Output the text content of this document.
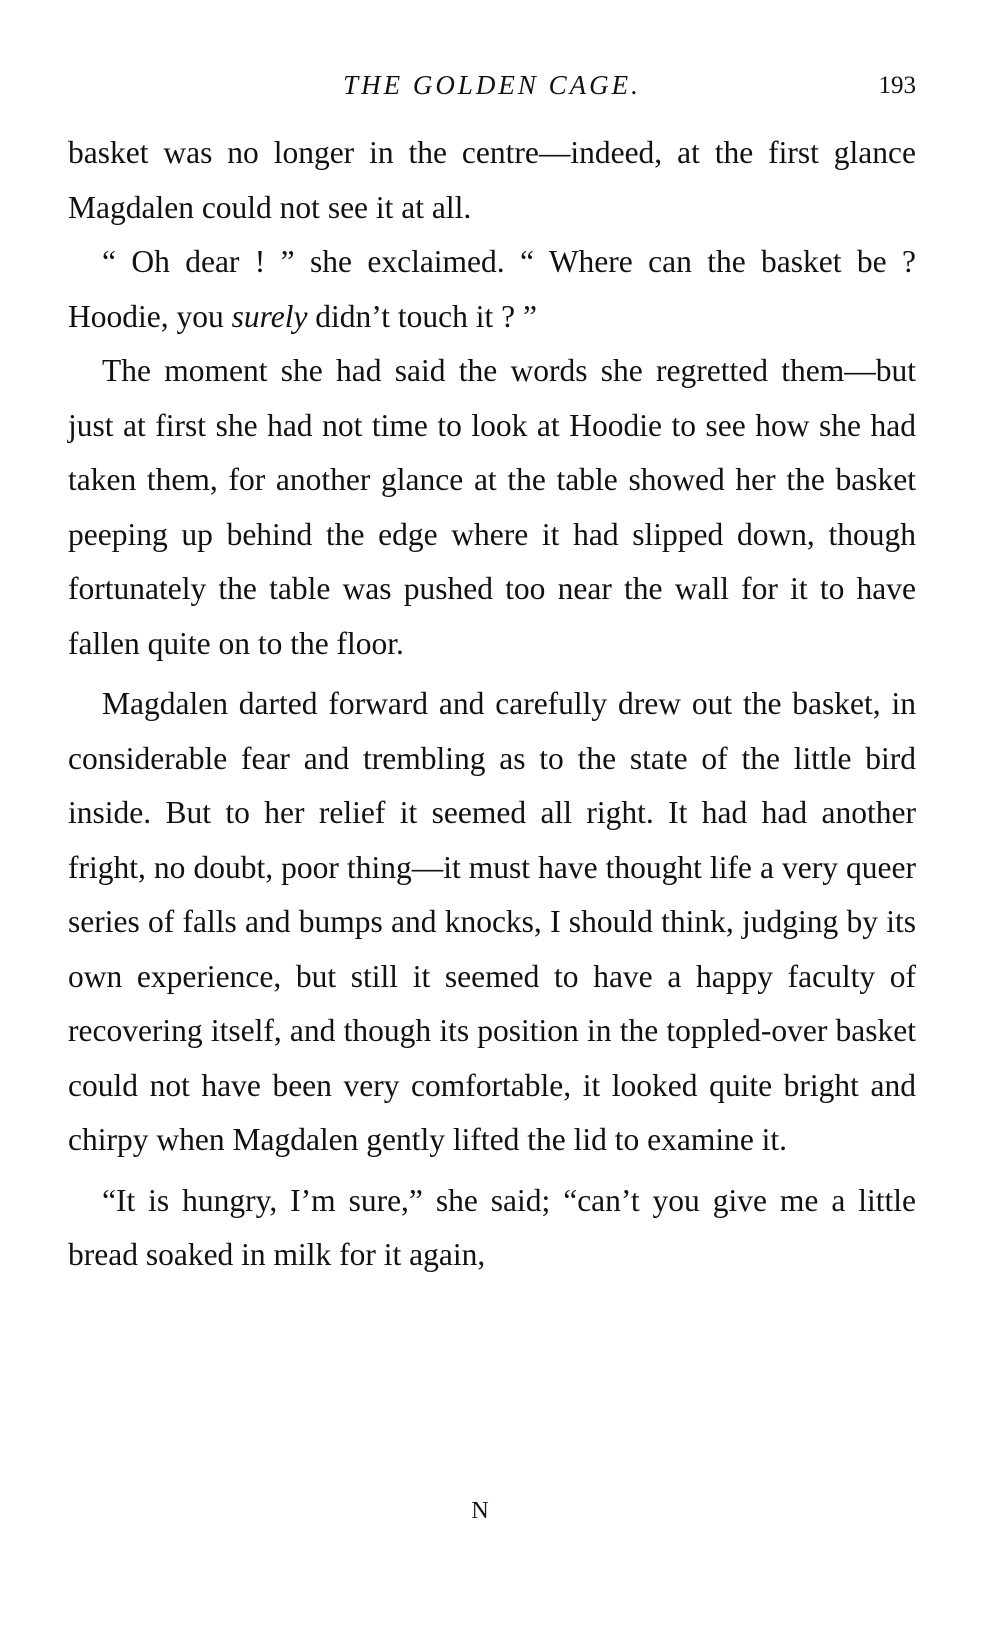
THE GOLDEN CAGE.	193

basket was no longer in the centre—indeed, at the first glance Magdalen could not see it at all.

“ Oh dear ! ” she exclaimed. “ Where can the basket be ? Hoodie, you surely didn’t touch it ? ”

The moment she had said the words she regretted them—but just at first she had not time to look at Hoodie to see how she had taken them, for another glance at the table showed her the basket peeping up behind the edge where it had slipped down, though fortunately the table was pushed too near the wall for it to have fallen quite on to the floor.

Magdalen darted forward and carefully drew out the basket, in considerable fear and trembling as to the state of the little bird inside. But to her relief it seemed all right. It had had another fright, no doubt, poor thing—it must have thought life a very queer series of falls and bumps and knocks, I should think, judging by its own experience, but still it seemed to have a happy faculty of recovering itself, and though its position in the toppled-over basket could not have been very comfortable, it looked quite bright and chirpy when Magdalen gently lifted the lid to examine it.

“It is hungry, I’m sure,” she said; “can’t you give me a little bread soaked in milk for it again,

N
